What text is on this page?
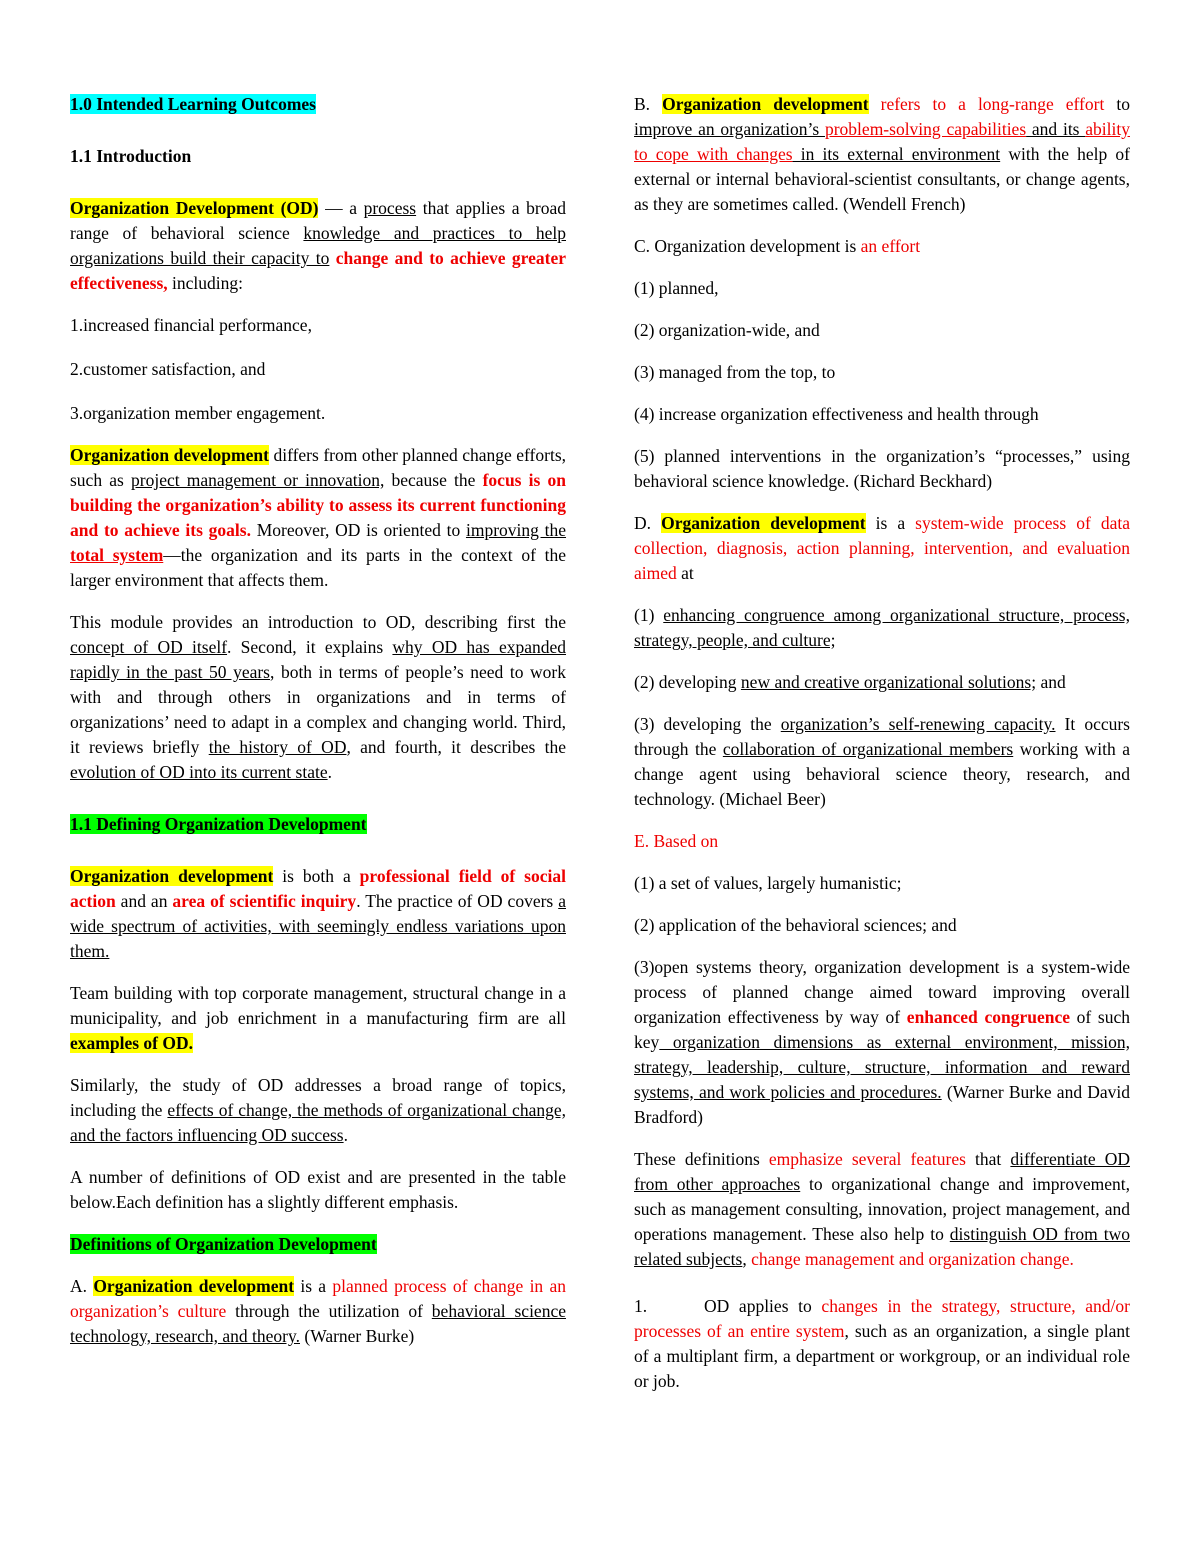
1.0 Intended Learning Outcomes

1.1 Introduction

Organization Development (OD) — a process that applies a broad range of behavioral science knowledge and practices to help organizations build their capacity to change and to achieve greater effectiveness, including:

1.increased financial performance,

2.customer satisfaction, and

3.organization member engagement.

Organization development differs from other planned change efforts, such as project management or innovation, because the focus is on building the organization’s ability to assess its current functioning and to achieve its goals. Moreover, OD is oriented to improving the total system—the organization and its parts in the context of the larger environment that affects them.

This module provides an introduction to OD, describing first the concept of OD itself. Second, it explains why OD has expanded rapidly in the past 50 years, both in terms of people’s need to work with and through others in organizations and in terms of organizations’ need to adapt in a complex and changing world. Third, it reviews briefly the history of OD, and fourth, it describes the evolution of OD into its current state.

1.1 Defining Organization Development

Organization development is both a professional field of social action and an area of scientific inquiry. The practice of OD covers a wide spectrum of activities, with seemingly endless variations upon them.

Team building with top corporate management, structural change in a municipality, and job enrichment in a manufacturing firm are all examples of OD.

Similarly, the study of OD addresses a broad range of topics, including the effects of change, the methods of organizational change, and the factors influencing OD success.

A number of definitions of OD exist and are presented in the table below.Each definition has a slightly different emphasis.

Definitions of Organization Development

A. Organization development is a planned process of change in an organization’s culture through the utilization of behavioral science technology, research, and theory. (Warner Burke)

B. Organization development refers to a long-range effort to improve an organization’s problem-solving capabilities and its ability to cope with changes in its external environment with the help of external or internal behavioral-scientist consultants, or change agents, as they are sometimes called. (Wendell French)

C. Organization development is an effort

(1) planned,

(2) organization-wide, and

(3) managed from the top, to

(4) increase organization effectiveness and health through

(5) planned interventions in the organization’s “processes,” using behavioral science knowledge. (Richard Beckhard)

D. Organization development is a system-wide process of data collection, diagnosis, action planning, intervention, and evaluation aimed at

(1) enhancing congruence among organizational structure, process, strategy, people, and culture;

(2) developing new and creative organizational solutions; and

(3) developing the organization’s self-renewing capacity. It occurs through the collaboration of organizational members working with a change agent using behavioral science theory, research, and technology. (Michael Beer)

E. Based on

(1) a set of values, largely humanistic;

(2) application of the behavioral sciences; and

(3)open systems theory, organization development is a system-wide process of planned change aimed toward improving overall organization effectiveness by way of enhanced congruence of such key organization dimensions as external environment, mission, strategy, leadership, culture, structure, information and reward systems, and work policies and procedures. (Warner Burke and David Bradford)

These definitions emphasize several features that differentiate OD from other approaches to organizational change and improvement, such as management consulting, innovation, project management, and operations management. These also help to distinguish OD from two related subjects, change management and organization change.

1.	OD applies to changes in the strategy, structure, and/or processes of an entire system, such as an organization, a single plant of a multiplant firm, a department or workgroup, or an individual role or job.
